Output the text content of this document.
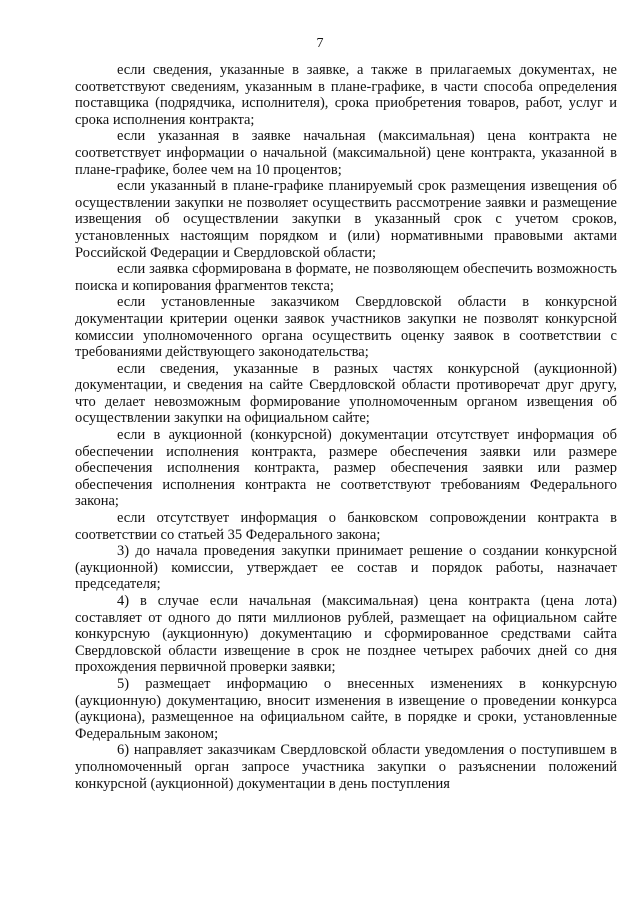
7

если сведения, указанные в заявке, а также в прилагаемых документах, не соответствуют сведениям, указанным в плане-графике, в части способа определения поставщика (подрядчика, исполнителя), срока приобретения товаров, работ, услуг и срока исполнения контракта;

если указанная в заявке начальная (максимальная) цена контракта не соответствует информации о начальной (максимальной) цене контракта, указанной в плане-графике, более чем на 10 процентов;

если указанный в плане-графике планируемый срок размещения извещения об осуществлении закупки не позволяет осуществить рассмотрение заявки и размещение извещения об осуществлении закупки в указанный срок с учетом сроков, установленных настоящим порядком и (или) нормативными правовыми актами Российской Федерации и Свердловской области;

если заявка сформирована в формате, не позволяющем обеспечить возможность поиска и копирования фрагментов текста;

если установленные заказчиком Свердловской области в конкурсной документации критерии оценки заявок участников закупки не позволят конкурсной комиссии уполномоченного органа осуществить оценку заявок в соответствии с требованиями действующего законодательства;

если сведения, указанные в разных частях конкурсной (аукционной) документации, и сведения на сайте Свердловской области противоречат друг другу, что делает невозможным формирование уполномоченным органом извещения об осуществлении закупки на официальном сайте;

если в аукционной (конкурсной) документации отсутствует информация об обеспечении исполнения контракта, размере обеспечения заявки или размере обеспечения исполнения контракта, размер обеспечения заявки или размер обеспечения исполнения контракта не соответствуют требованиям Федерального закона;

если отсутствует информация о банковском сопровождении контракта в соответствии со статьей 35 Федерального закона;

3) до начала проведения закупки принимает решение о создании конкурсной (аукционной) комиссии, утверждает ее состав и порядок работы, назначает председателя;

4) в случае если начальная (максимальная) цена контракта (цена лота) составляет от одного до пяти миллионов рублей, размещает на официальном сайте конкурсную (аукционную) документацию и сформированное средствами сайта Свердловской области извещение в срок не позднее четырех рабочих дней со дня прохождения первичной проверки заявки;

5) размещает информацию о внесенных изменениях в конкурсную (аукционную) документацию, вносит изменения в извещение о проведении конкурса (аукциона), размещенное на официальном сайте, в порядке и сроки, установленные Федеральным законом;

6) направляет заказчикам Свердловской области уведомления о поступившем в уполномоченный орган запросе участника закупки о разъяснении положений конкурсной (аукционной) документации в день поступления
